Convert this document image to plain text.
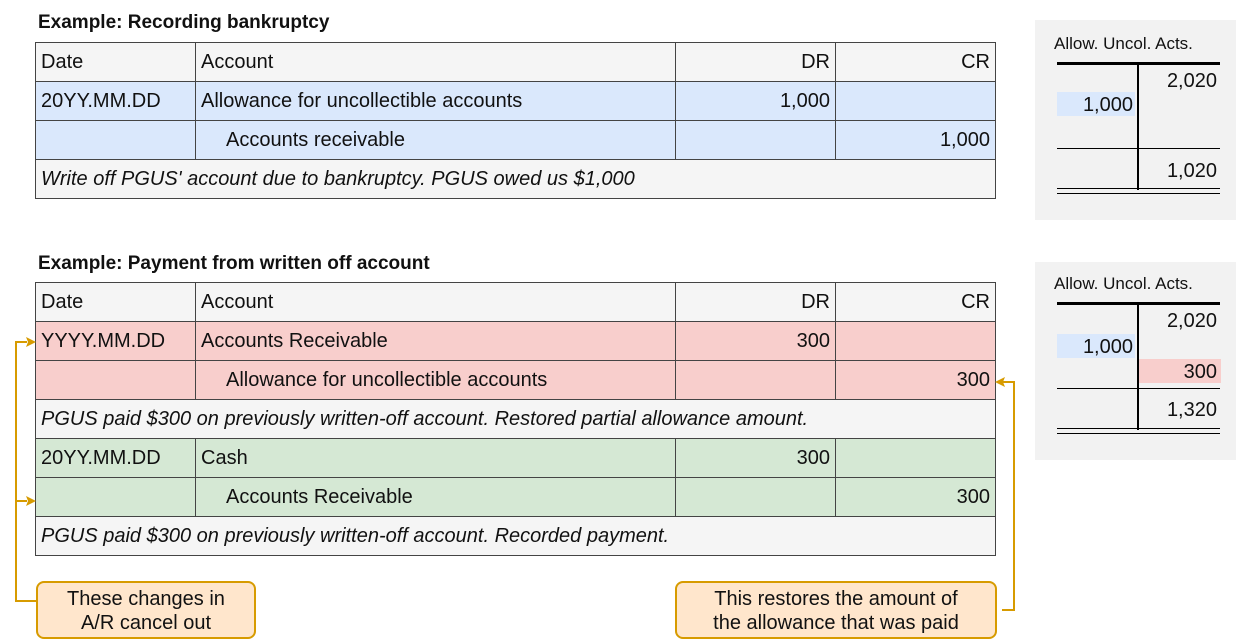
Example: Recording bankruptcy
Date	Account	DR	CR
20YY.MM.DD	Allowance for uncollectible accounts	1,000	
	Accounts receivable		1,000
Write off PGUS' account due to bankruptcy. PGUS owed us $1,000			
Allow. Uncol. Acts.
2,020
1,000
1,020
Example: Payment from written off account
Date	Account	DR	CR
YYYY.MM.DD	Accounts Receivable	300	
	Allowance for uncollectible accounts		300
PGUS paid $300 on previously written-off account. Restored partial allowance amount.			
20YY.MM.DD	Cash	300	
	Accounts Receivable		300
PGUS paid $300 on previously written-off account. Recorded payment.			
Allow. Uncol. Acts.
2,020
1,000
300
1,320
These changes in
A/R cancel out
This restores the amount of
the allowance that was paid
